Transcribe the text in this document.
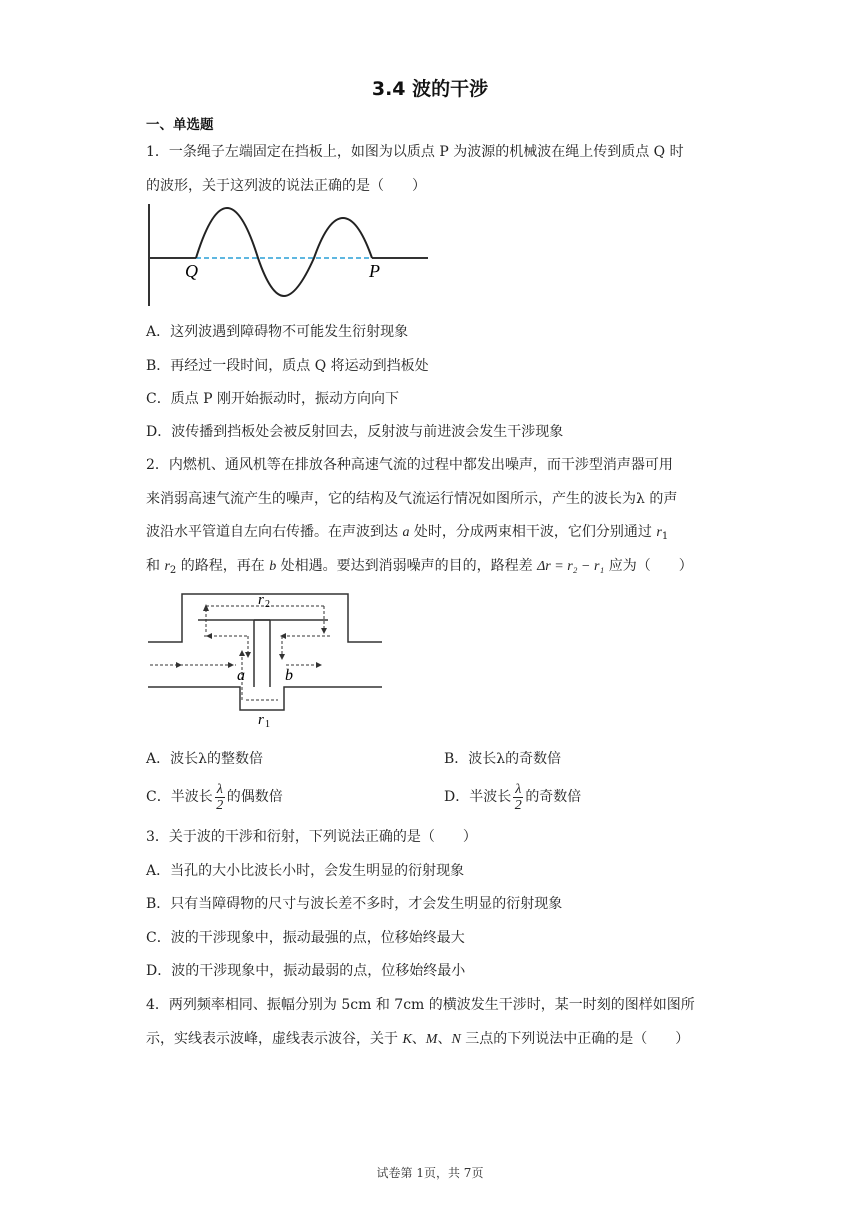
3.4 波的干涉
一、单选题
1．一条绳子左端固定在挡板上，如图为以质点 P 为波源的机械波在绳上传到质点 Q 时
的波形，关于这列波的说法正确的是（　　）
Q	P
A．这列波遇到障碍物不可能发生衍射现象
B．再经过一段时间，质点 Q 将运动到挡板处
C．质点 P 刚开始振动时，振动方向向下
D．波传播到挡板处会被反射回去，反射波与前进波会发生干涉现象
2．内燃机、通风机等在排放各种高速气流的过程中都发出噪声，而干涉型消声器可用
来消弱高速气流产生的噪声，它的结构及气流运行情况如图所示，产生的波长为λ 的声
波沿水平管道自左向右传播。在声波到达 a 处时，分成两束相干波，它们分别通过 $r_1$
和 $r_2$ 的路程，再在 b 处相遇。要达到消弱噪声的目的，路程差 Δr = r₂ − r₁ 应为（　　）
r 2
r 1
a	b
A．波长λ的整数倍	B．波长λ的奇数倍
C．半波长 $\frac{\lambda}{2}$ 的偶数倍	D．半波长 $\frac{\lambda}{2}$ 的奇数倍
3．关于波的干涉和衍射，下列说法正确的是（　　）
A．当孔的大小比波长小时，会发生明显的衍射现象
B．只有当障碍物的尺寸与波长差不多时，才会发生明显的衍射现象
C．波的干涉现象中，振动最强的点，位移始终最大
D．波的干涉现象中，振动最弱的点，位移始终最小
4．两列频率相同、振幅分别为 5cm 和 7cm 的横波发生干涉时，某一时刻的图样如图所
示，实线表示波峰，虚线表示波谷，关于 K、M、N 三点的下列说法中正确的是（　　）
试卷第 1页，共 7页
